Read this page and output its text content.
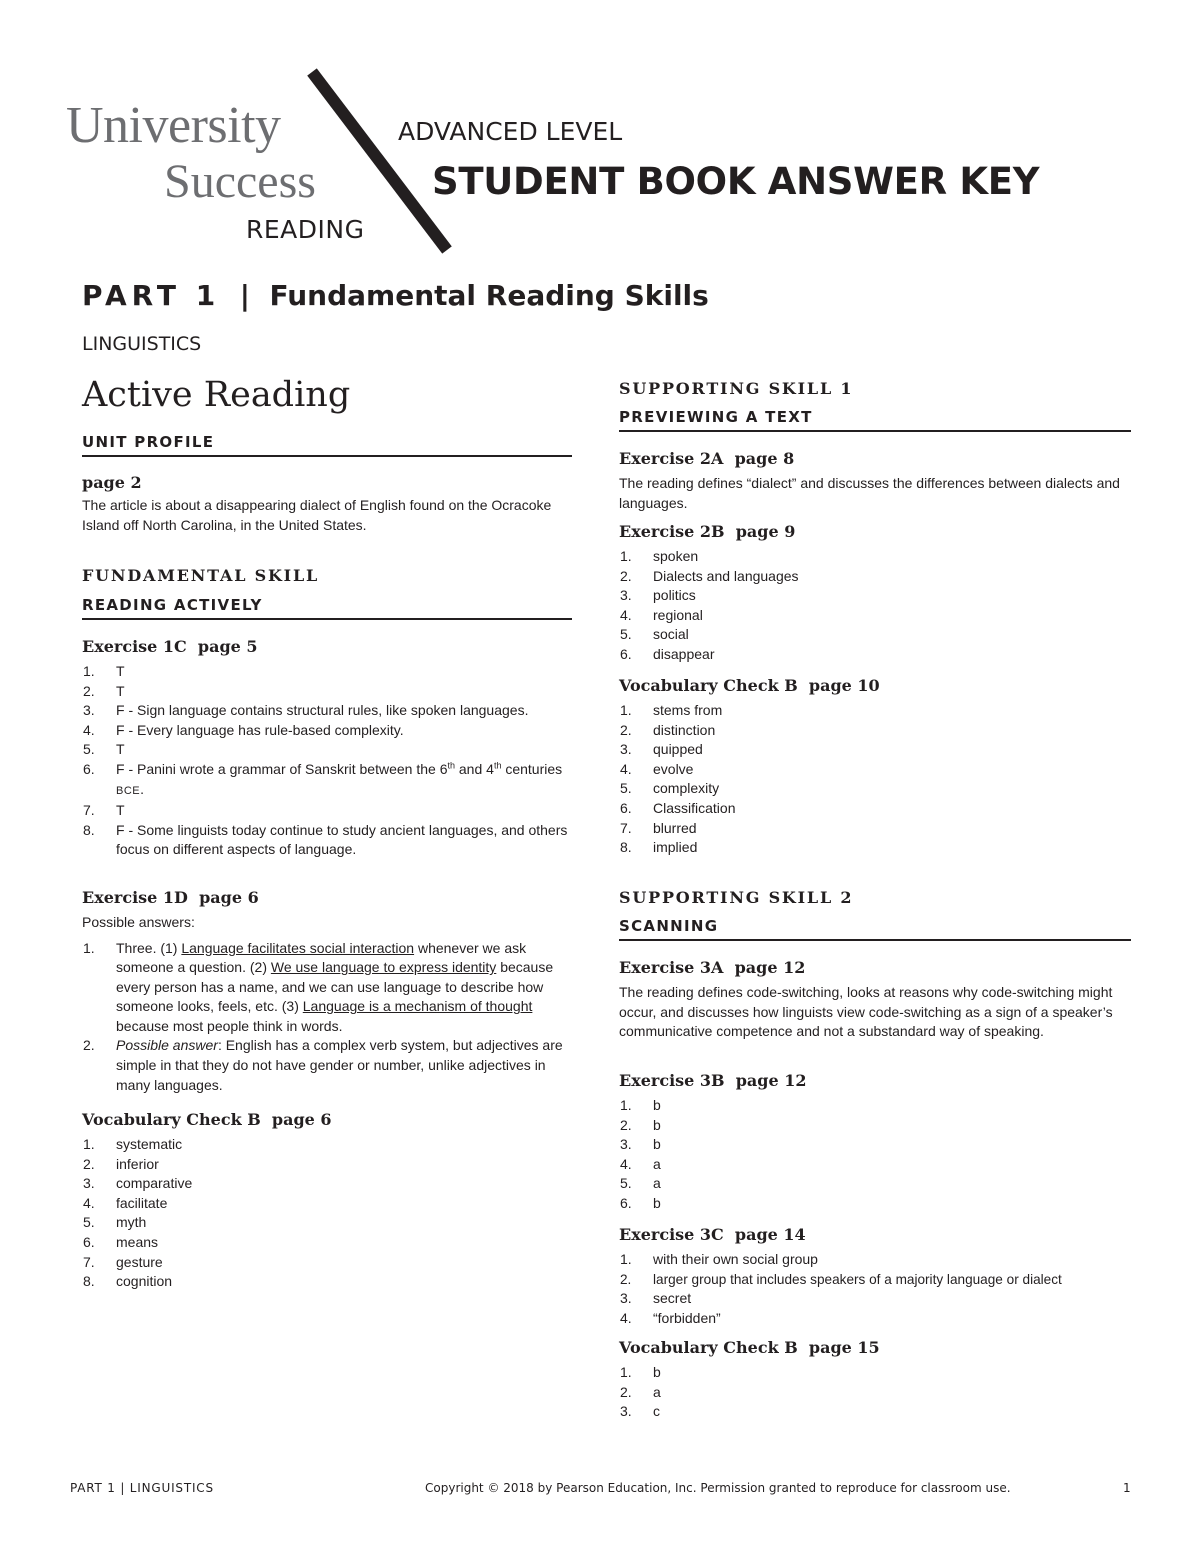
University
Success
READING
ADVANCED LEVEL
STUDENT BOOK ANSWER KEY
PART 1 | Fundamental Reading Skills
LINGUISTICS
Active Reading
UNIT PROFILE
page 2
The article is about a disappearing dialect of English found on the Ocracoke Island off North Carolina, in the United States.
FUNDAMENTAL SKILL
READING ACTIVELY
Exercise 1C  page 5
1. T
2. T
3. F - Sign language contains structural rules, like spoken languages.
4. F - Every language has rule-based complexity.
5. T
6. F - Panini wrote a grammar of Sanskrit between the 6th and 4th centuries BCE.
7. T
8. F - Some linguists today continue to study ancient languages, and others focus on different aspects of language.
Exercise 1D  page 6
Possible answers:
1. Three. (1) Language facilitates social interaction whenever we ask someone a question. (2) We use language to express identity because every person has a name, and we can use language to describe how someone looks, feels, etc. (3) Language is a mechanism of thought because most people think in words.
2. Possible answer: English has a complex verb system, but adjectives are simple in that they do not have gender or number, unlike adjectives in many languages.
Vocabulary Check B  page 6
1. systematic
2. inferior
3. comparative
4. facilitate
5. myth
6. means
7. gesture
8. cognition
SUPPORTING SKILL 1
PREVIEWING A TEXT
Exercise 2A  page 8
The reading defines “dialect” and discusses the differences between dialects and languages.
Exercise 2B  page 9
1. spoken
2. Dialects and languages
3. politics
4. regional
5. social
6. disappear
Vocabulary Check B  page 10
1. stems from
2. distinction
3. quipped
4. evolve
5. complexity
6. Classification
7. blurred
8. implied
SUPPORTING SKILL 2
SCANNING
Exercise 3A  page 12
The reading defines code-switching, looks at reasons why code-switching might occur, and discusses how linguists view code-switching as a sign of a speaker’s communicative competence and not a substandard way of speaking.
Exercise 3B  page 12
1. b
2. b
3. b
4. a
5. a
6. b
Exercise 3C  page 14
1. with their own social group
2. larger group that includes speakers of a majority language or dialect
3. secret
4. “forbidden”
Vocabulary Check B  page 15
1. b
2. a
3. c
PART 1 | LINGUISTICS	Copyright © 2018 by Pearson Education, Inc. Permission granted to reproduce for classroom use.	1
